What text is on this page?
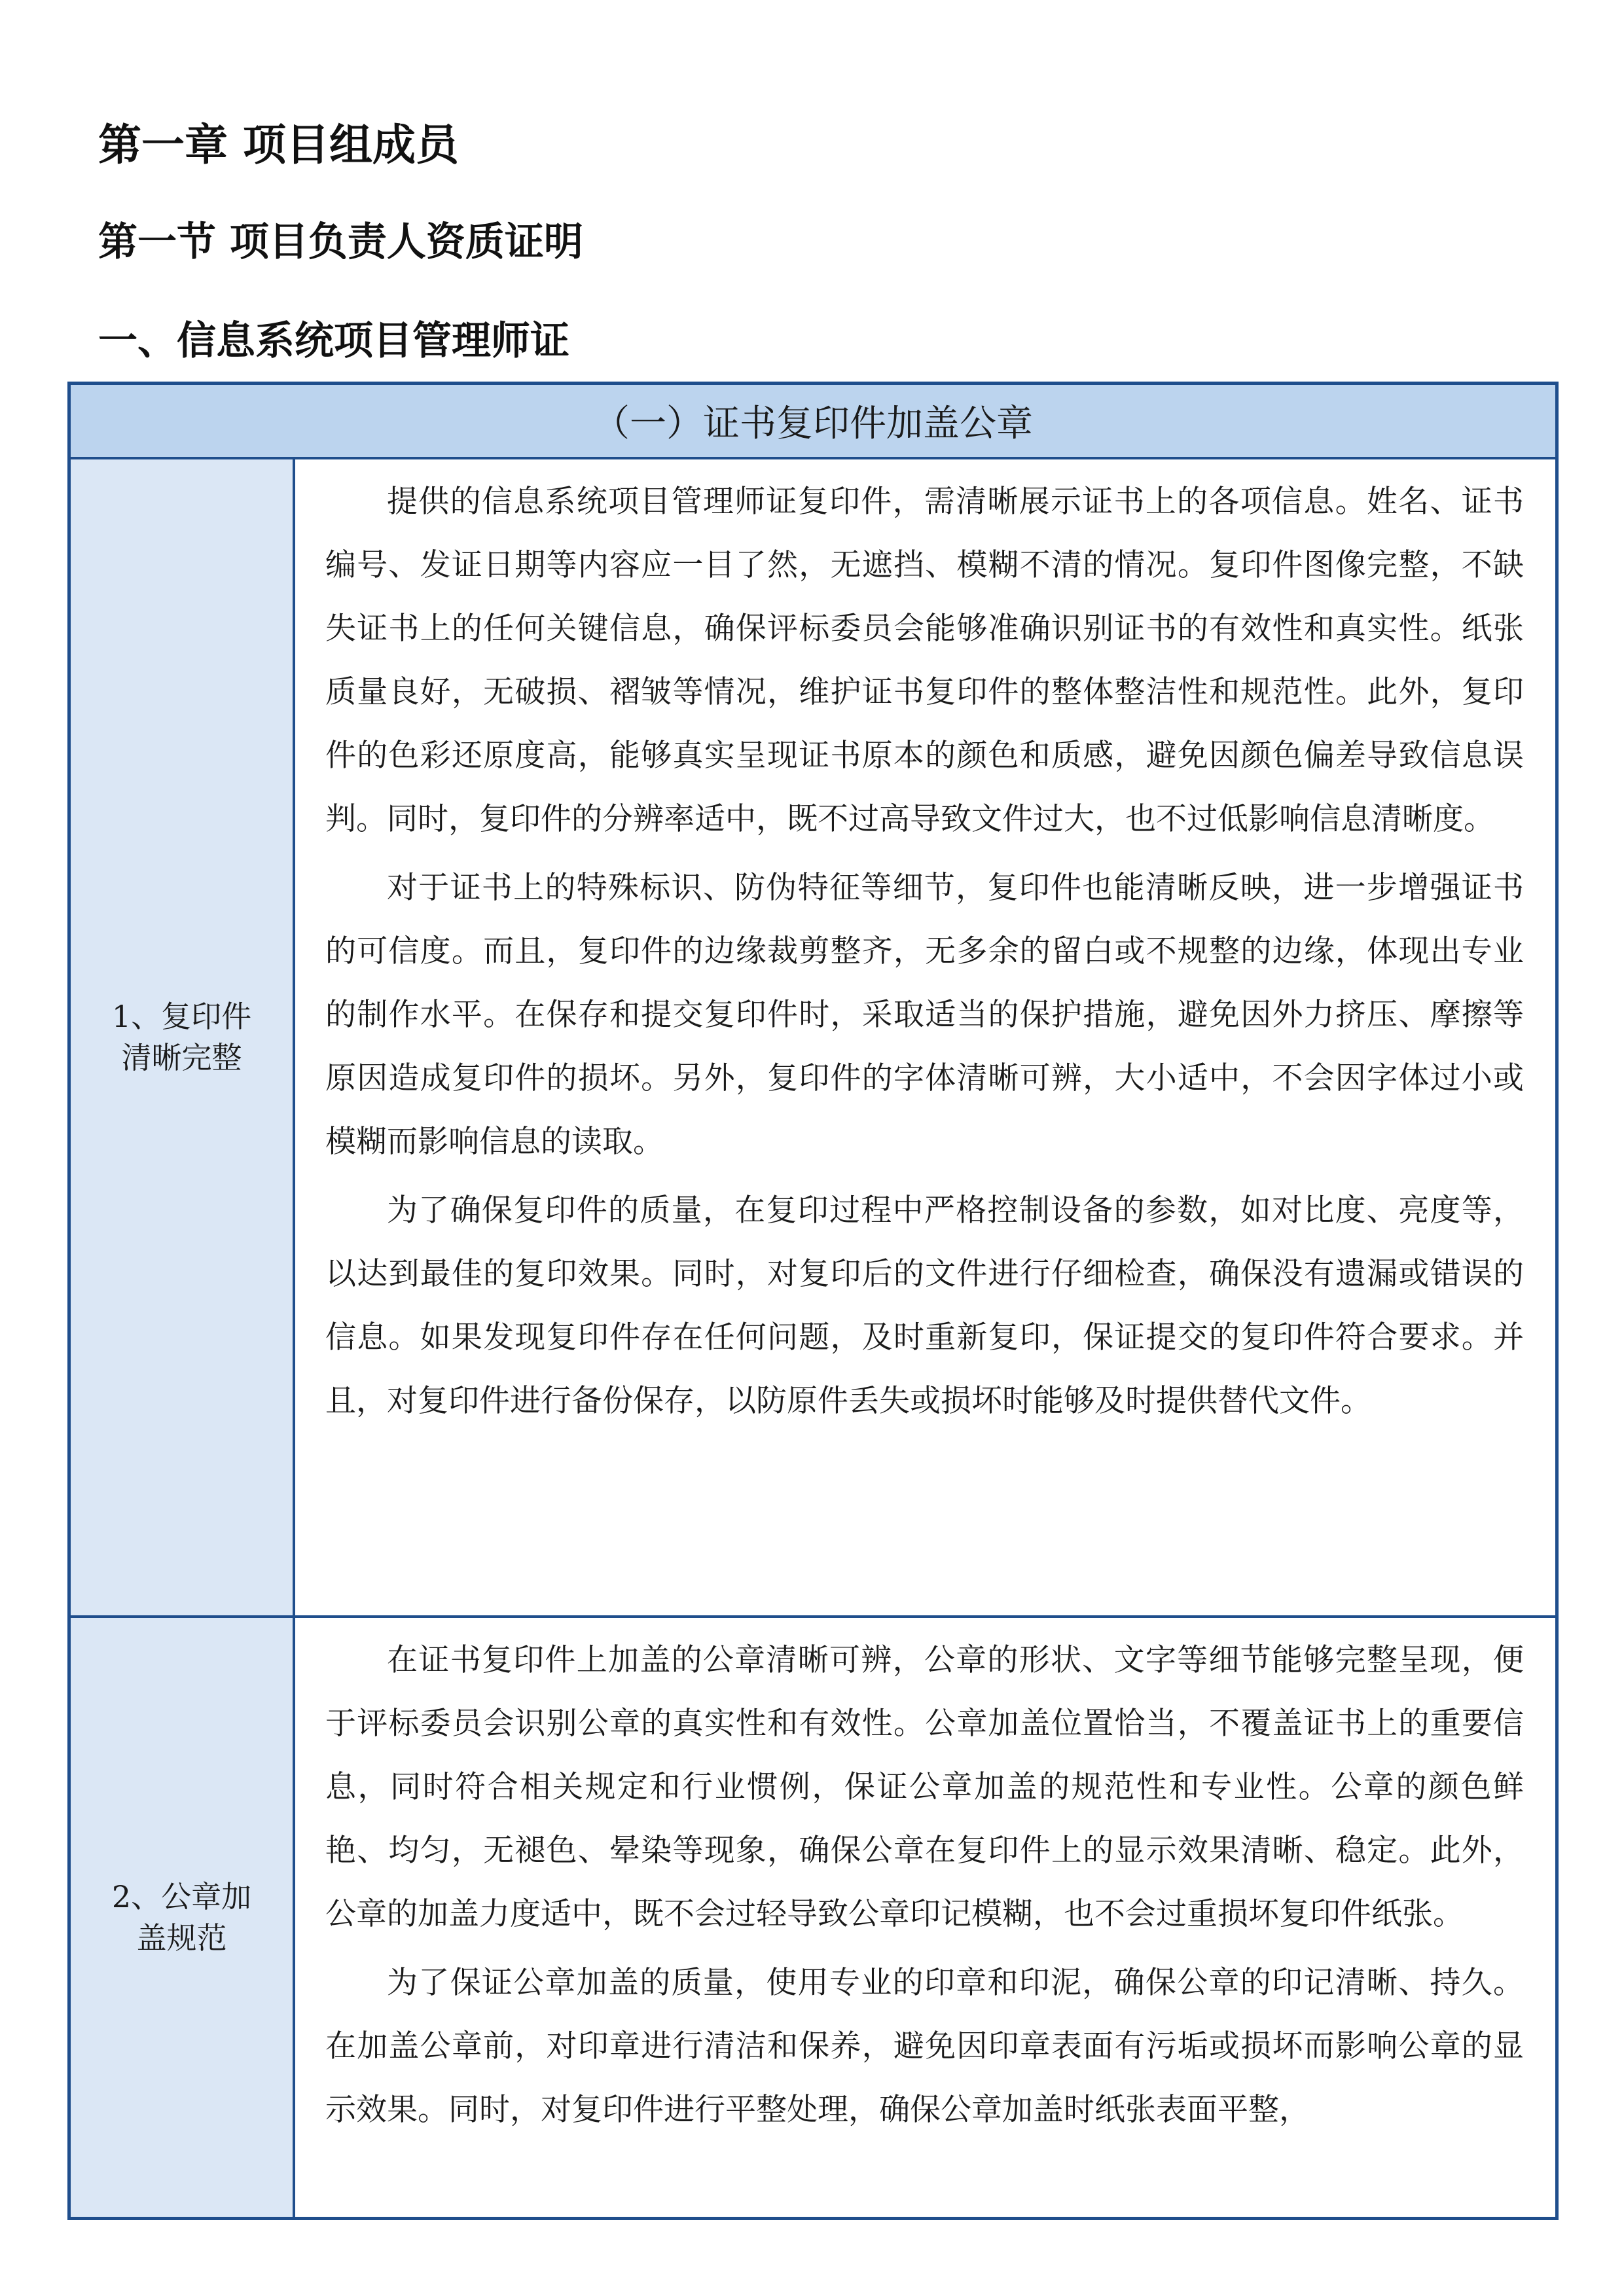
第一章 项目组成员
第一节 项目负责人资质证明
一、信息系统项目管理师证
（一）证书复印件加盖公章
1、复印件
清晰完整

提供的信息系统项目管理师证复印件，需清晰展示证书上的各项信息。姓名、证书编号、发证日期等内容应一目了然，无遮挡、模糊不清的情况。复印件图像完整，不缺失证书上的任何关键信息，确保评标委员会能够准确识别证书的有效性和真实性。纸张质量良好，无破损、褶皱等情况，维护证书复印件的整体整洁性和规范性。此外，复印件的色彩还原度高，能够真实呈现证书原本的颜色和质感，避免因颜色偏差导致信息误判。同时，复印件的分辨率适中，既不过高导致文件过大，也不过低影响信息清晰度。

对于证书上的特殊标识、防伪特征等细节，复印件也能清晰反映，进一步增强证书的可信度。而且，复印件的边缘裁剪整齐，无多余的留白或不规整的边缘，体现出专业的制作水平。在保存和提交复印件时，采取适当的保护措施，避免因外力挤压、摩擦等原因造成复印件的损坏。另外，复印件的字体清晰可辨，大小适中，不会因字体过小或模糊而影响信息的读取。

为了确保复印件的质量，在复印过程中严格控制设备的参数，如对比度、亮度等，以达到最佳的复印效果。同时，对复印后的文件进行仔细检查，确保没有遗漏或错误的信息。如果发现复印件存在任何问题，及时重新复印，保证提交的复印件符合要求。并且，对复印件进行备份保存，以防原件丢失或损坏时能够及时提供替代文件。

2、公章加
盖规范

在证书复印件上加盖的公章清晰可辨，公章的形状、文字等细节能够完整呈现，便于评标委员会识别公章的真实性和有效性。公章加盖位置恰当，不覆盖证书上的重要信息，同时符合相关规定和行业惯例，保证公章加盖的规范性和专业性。公章的颜色鲜艳、均匀，无褪色、晕染等现象，确保公章在复印件上的显示效果清晰、稳定。此外，公章的加盖力度适中，既不会过轻导致公章印记模糊，也不会过重损坏复印件纸张。

为了保证公章加盖的质量，使用专业的印章和印泥，确保公章的印记清晰、持久。在加盖公章前，对印章进行清洁和保养，避免因印章表面有污垢或损坏而影响公章的显示效果。同时，对复印件进行平整处理，确保公章加盖时纸张表面平整，
